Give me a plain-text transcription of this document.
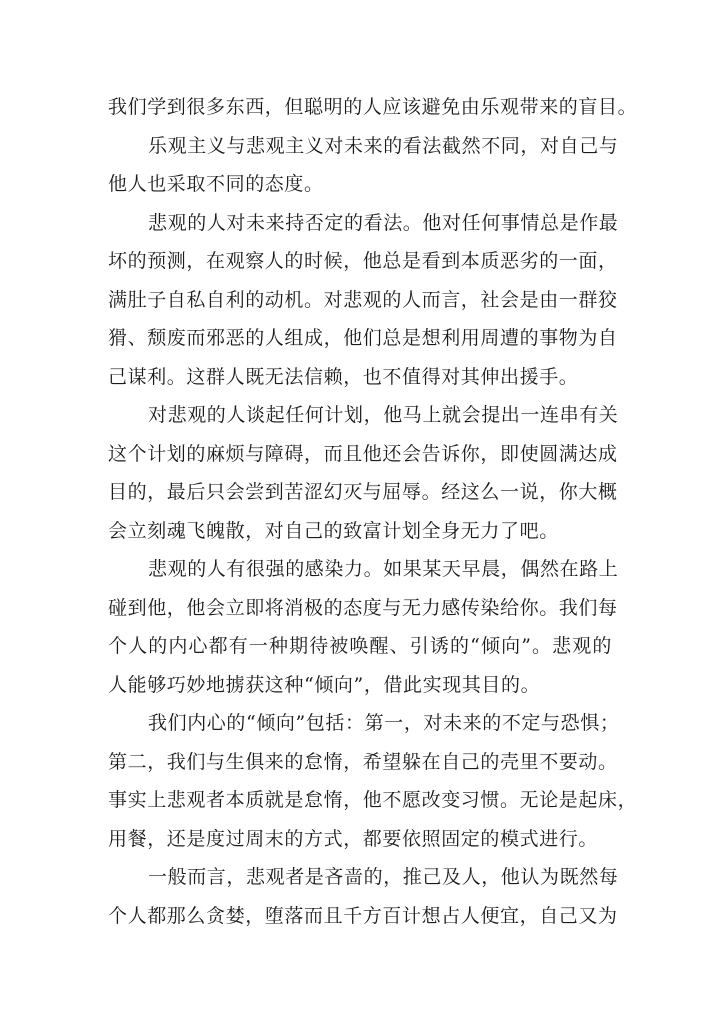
我们学到很多东西，但聪明的人应该避免由乐观带来的盲目。
乐观主义与悲观主义对未来的看法截然不同，对自己与
他人也采取不同的态度。
悲观的人对未来持否定的看法。他对任何事情总是作最
坏的预测，在观察人的时候，他总是看到本质恶劣的一面，
满肚子自私自利的动机。对悲观的人而言，社会是由一群狡
猾、颓废而邪恶的人组成，他们总是想利用周遭的事物为自
己谋利。这群人既无法信赖，也不值得对其伸出援手。
对悲观的人谈起任何计划，他马上就会提出一连串有关
这个计划的麻烦与障碍，而且他还会告诉你，即使圆满达成
目的，最后只会尝到苦涩幻灭与屈辱。经这么一说，你大概
会立刻魂飞魄散，对自己的致富计划全身无力了吧。
悲观的人有很强的感染力。如果某天早晨，偶然在路上
碰到他，他会立即将消极的态度与无力感传染给你。我们每
个人的内心都有一种期待被唤醒、引诱的“倾向”。悲观的
人能够巧妙地掳获这种“倾向”，借此实现其目的。
我们内心的“倾向”包括：第一，对未来的不定与恐惧；
第二，我们与生俱来的怠惰，希望躲在自己的壳里不要动。
事实上悲观者本质就是怠惰，他不愿改变习惯。无论是起床，
用餐，还是度过周末的方式，都要依照固定的模式进行。
一般而言，悲观者是吝啬的，推己及人，他认为既然每
个人都那么贪婪，堕落而且千方百计想占人便宜，自己又为
